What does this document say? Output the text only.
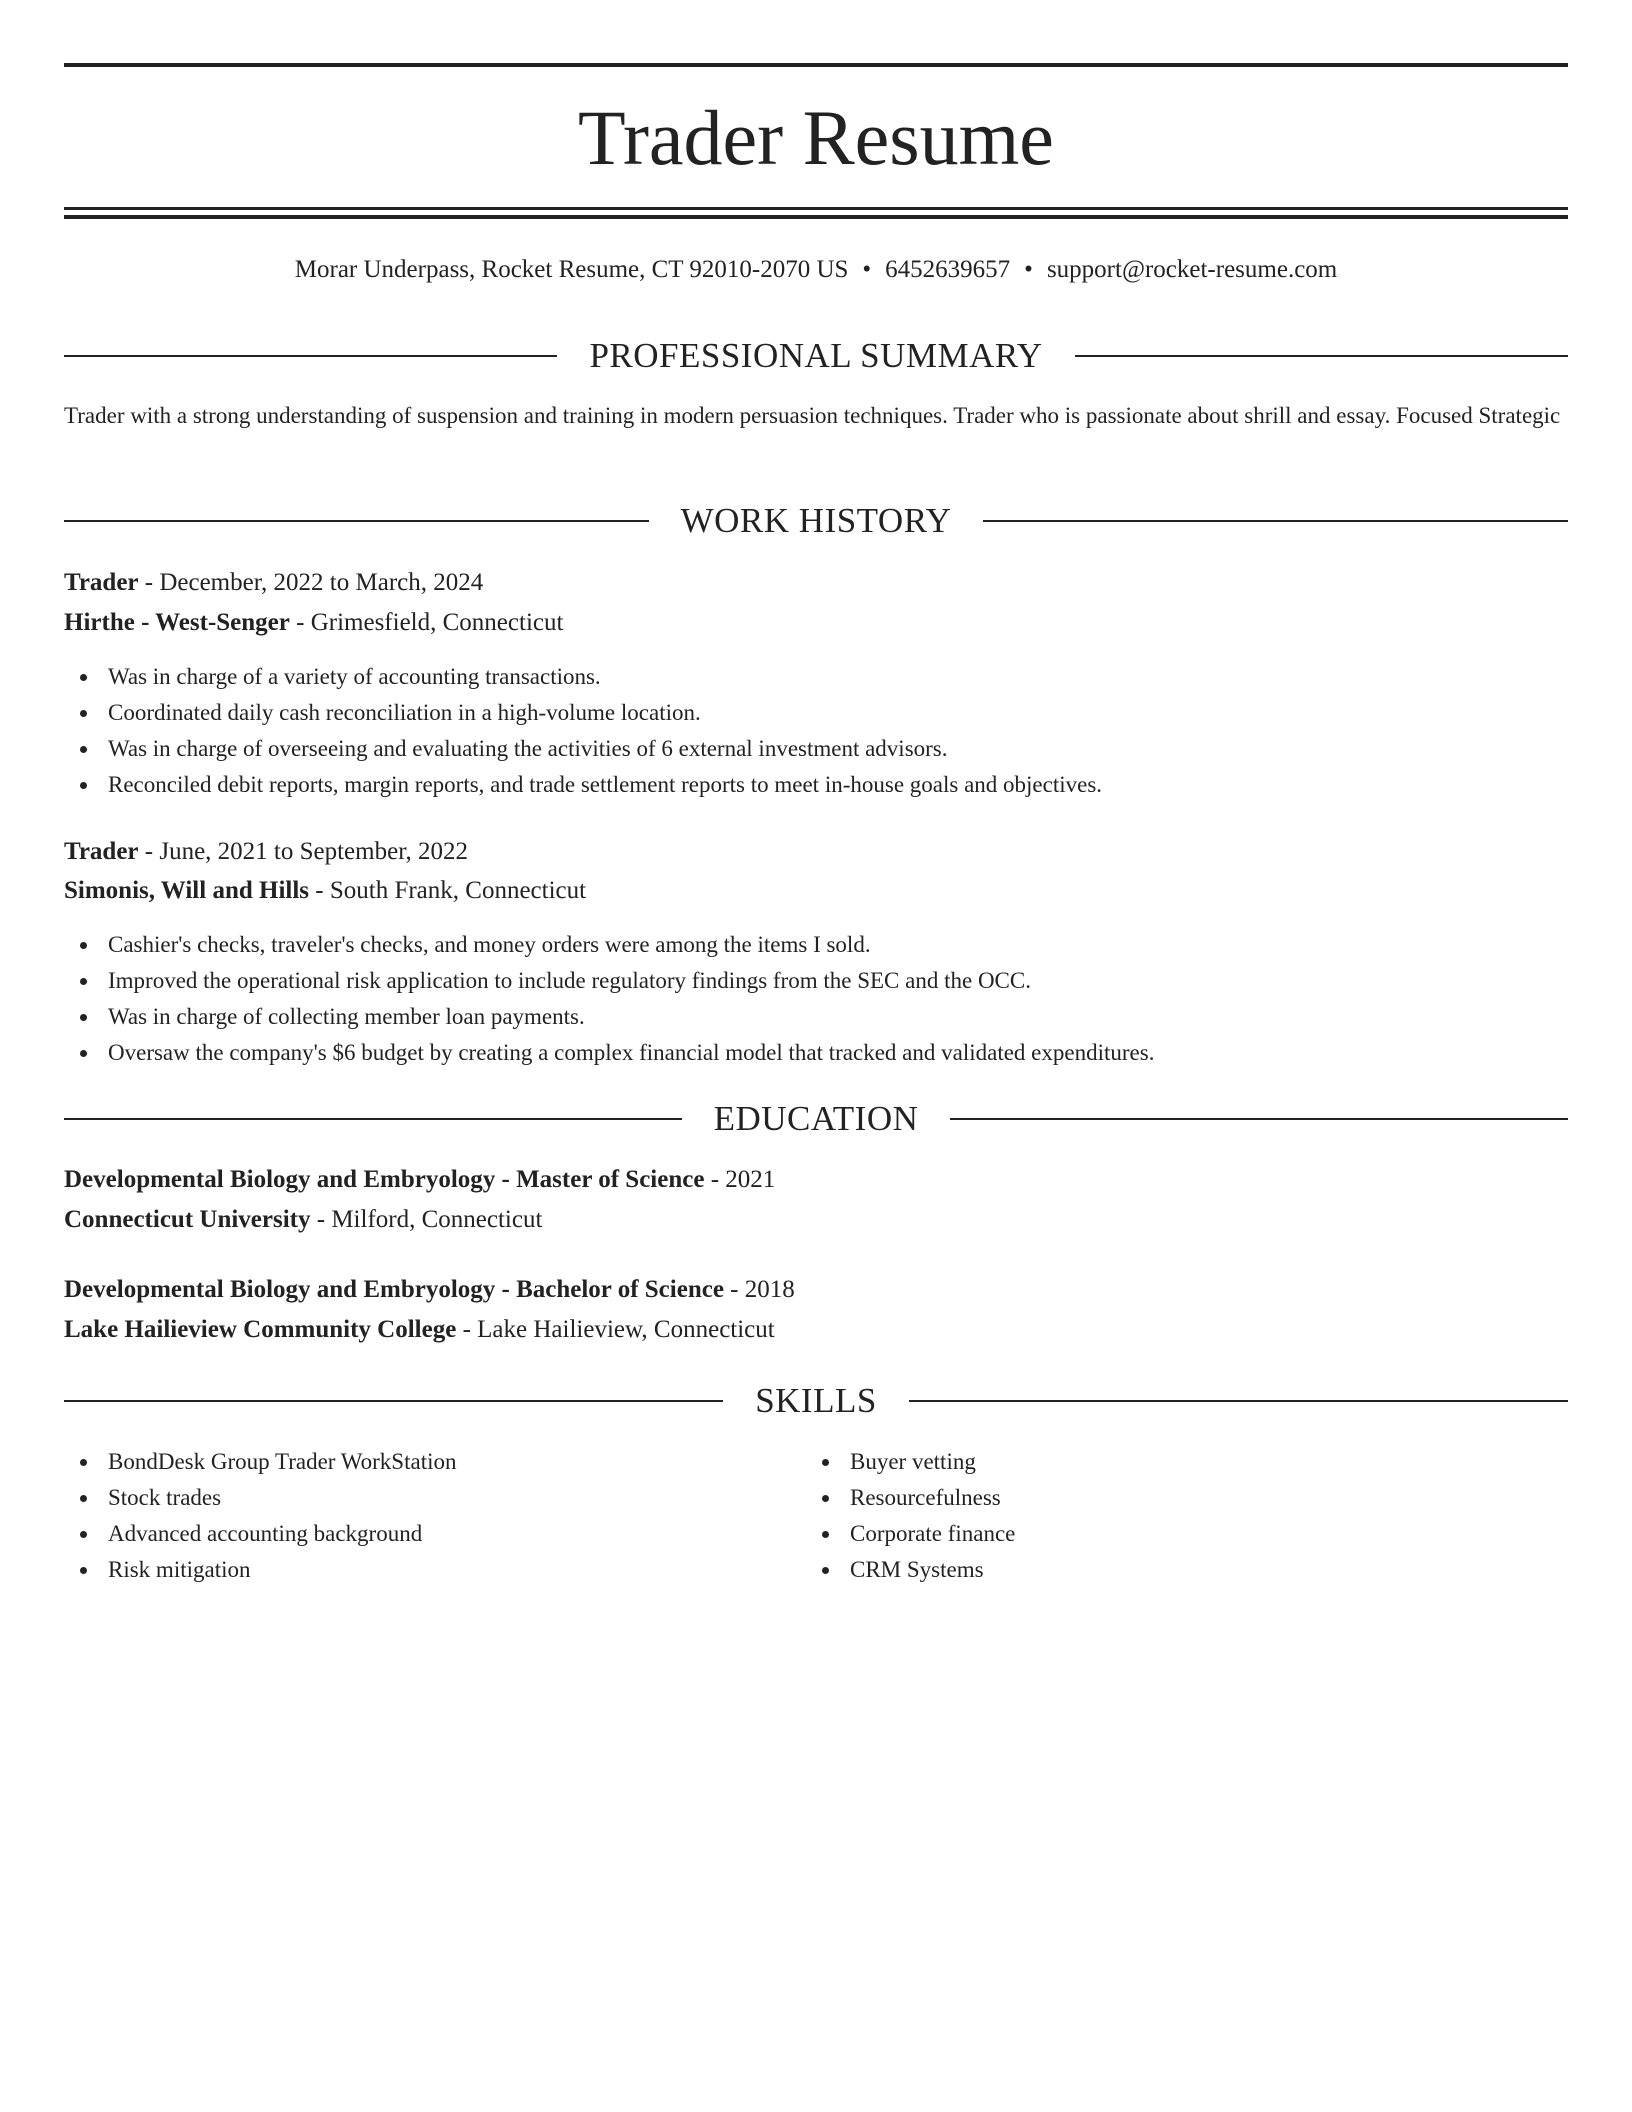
Trader Resume
Morar Underpass, Rocket Resume, CT 92010-2070 US • 6452639657 • support@rocket-resume.com
PROFESSIONAL SUMMARY

Trader with a strong understanding of suspension and training in modern persuasion techniques. Trader who is passionate about shrill and essay. Focused Strategic

WORK HISTORY
Trader - December, 2022 to March, 2024
Hirthe - West-Senger - Grimesfield, Connecticut
Was in charge of a variety of accounting transactions.
Coordinated daily cash reconciliation in a high-volume location.
Was in charge of overseeing and evaluating the activities of 6 external investment advisors.
Reconciled debit reports, margin reports, and trade settlement reports to meet in-house goals and objectives.
Trader - June, 2021 to September, 2022
Simonis, Will and Hills - South Frank, Connecticut
Cashier's checks, traveler's checks, and money orders were among the items I sold.
Improved the operational risk application to include regulatory findings from the SEC and the OCC.
Was in charge of collecting member loan payments.
Oversaw the company's $6 budget by creating a complex financial model that tracked and validated expenditures.
EDUCATION
Developmental Biology and Embryology - Master of Science - 2021
Connecticut University - Milford, Connecticut
Developmental Biology and Embryology - Bachelor of Science - 2018
Lake Hailieview Community College - Lake Hailieview, Connecticut
SKILLS
BondDesk Group Trader WorkStation
Stock trades
Advanced accounting background
Risk mitigation
Buyer vetting
Resourcefulness
Corporate finance
CRM Systems
